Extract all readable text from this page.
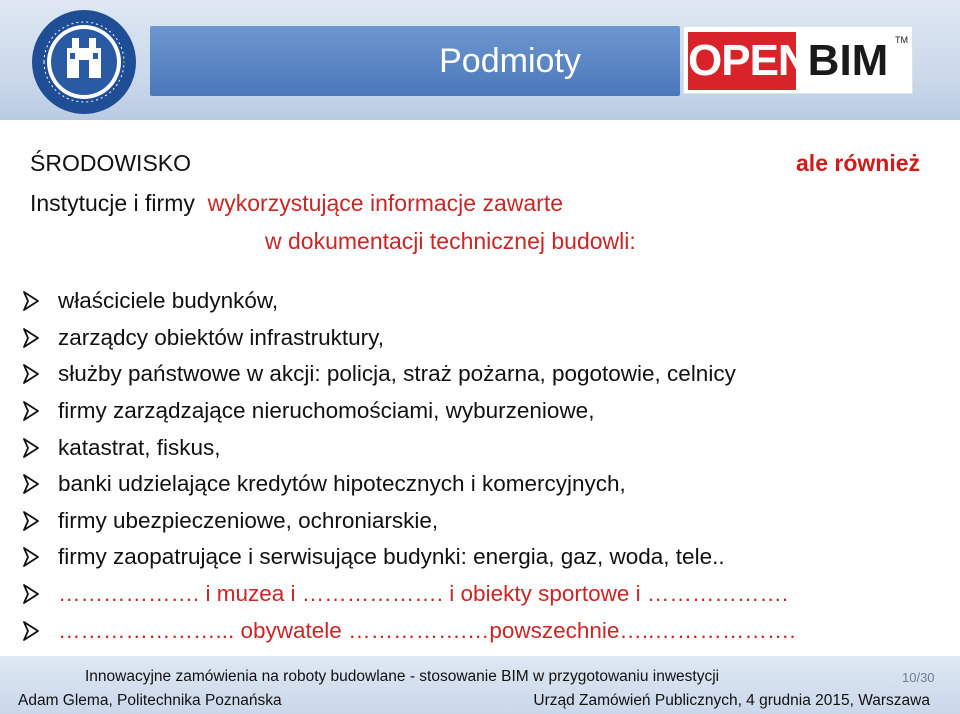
Podmioty	OPEN
BIM TM
ŚRODOWISKO	ale również
Instytucje i firmy wykorzystujące informacje zawarte
w dokumentacji technicznej budowli:
właściciele budynków,
zarządcy obiektów infrastruktury,
służby państwowe w akcji: policja, straż pożarna, pogotowie, celnicy
firmy zarządzające nieruchomościami, wyburzeniowe,
katastrat, fiskus,
banki udzielające kredytów hipotecznych i komercyjnych,
firmy ubezpieczeniowe, ochroniarskie,
firmy zaopatrujące i serwisujące budynki: energia, gaz, woda, tele..
………………. i muzea i ………………. i obiekty sportowe i ……………….
…………………... obywatele …………….…powszechnie…..……………….
Innowacyjne zamówienia na roboty budowlane - stosowanie BIM w przygotowaniu inwestycji	10/30
Adam Glema, Politechnika Poznańska	Urząd Zamówień Publicznych, 4 grudnia 2015, Warszawa
